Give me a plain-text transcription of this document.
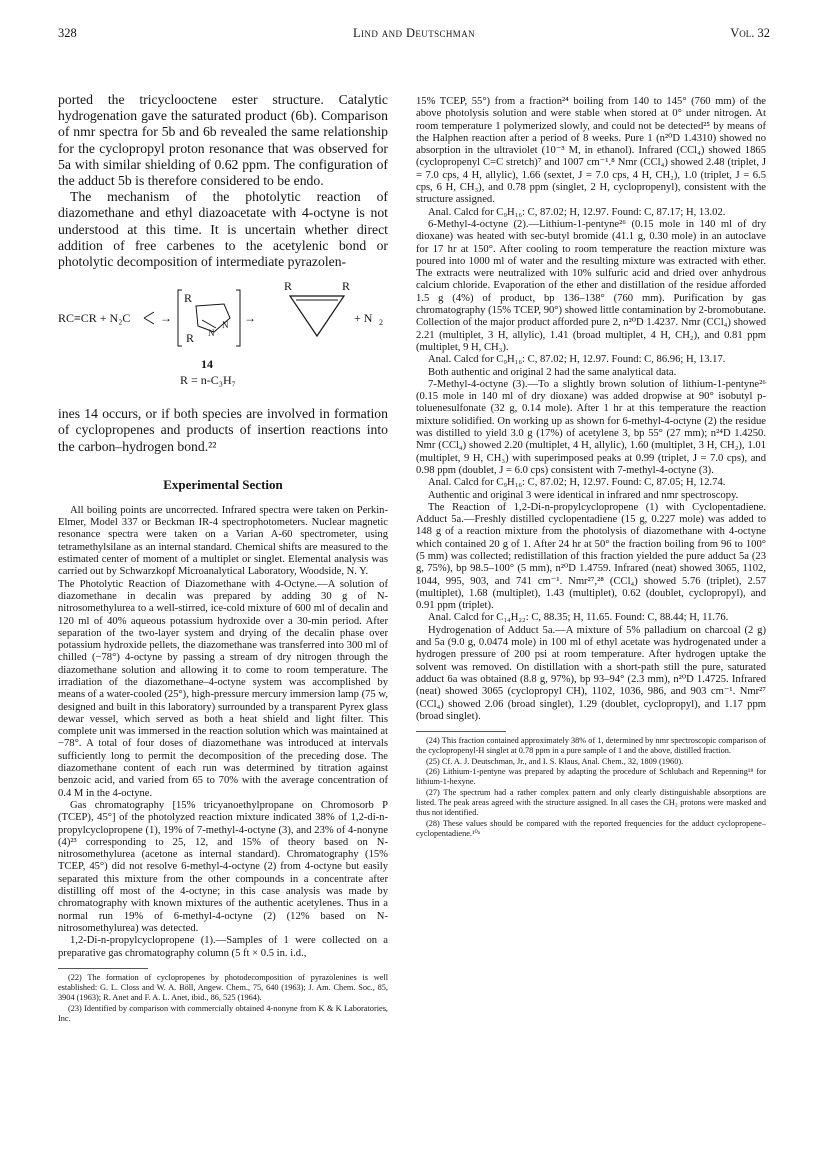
328	Lind and Deutschman	Vol. 32

ported the tricyclooctene ester structure. Catalytic hydrogenation gave the saturated product (6b). Comparison of nmr spectra for 5b and 6b revealed the same relationship for the cyclopropyl proton resonance that was observed for 5a with similar shielding of 0.62 ppm. The configuration of the adduct 5b is therefore considered to be endo.

The mechanism of the photolytic reaction of diazomethane and ethyl diazoacetate with 4-octyne is not understood at this time. It is uncertain whether direct addition of free carbenes to the acetylenic bond or photolytic decomposition of intermediate pyrazolen-

RC≡CR + N₂C →
R
R N
N →
R	R
+ N 2
14
R = n-C₃H₇

ines 14 occurs, or if both species are involved in formation of cyclopropenes and products of insertion reactions into the carbon–hydrogen bond.²²

Experimental Section

All boiling points are uncorrected. Infrared spectra were taken on Perkin-Elmer, Model 337 or Beckman IR-4 spectrophotometers. Nuclear magnetic resonance spectra were taken on a Varian A-60 spectrometer, using tetramethylsilane as an internal standard. Chemical shifts are measured to the estimated center of moment of a multiplet or singlet. Elemental analysis was carried out by Schwarzkopf Microanalytical Laboratory, Woodside, N. Y.

The Photolytic Reaction of Diazomethane with 4-Octyne.—A solution of diazomethane in decalin was prepared by adding 30 g of N-nitrosomethylurea to a well-stirred, ice-cold mixture of 600 ml of decalin and 120 ml of 40% aqueous potassium hydroxide over a 30-min period. After separation of the two-layer system and drying of the decalin phase over potassium hydroxide pellets, the diazomethane was transferred into 300 ml of chilled (−78°) 4-octyne by passing a stream of dry nitrogen through the diazomethane solution and allowing it to come to room temperature. The irradiation of the diazomethane–4-octyne system was accomplished by means of a water-cooled (25°), high-pressure mercury immersion lamp (75 w, designed and built in this laboratory) surrounded by a transparent Pyrex glass dewar vessel, which served as both a heat shield and light filter. This complete unit was immersed in the reaction solution which was maintained at −78°. A total of four doses of diazomethane was introduced at intervals sufficiently long to permit the decomposition of the preceding dose. The diazomethane content of each run was determined by titration against benzoic acid, and varied from 65 to 70% with the average concentration of 0.4 M in the 4-octyne.

Gas chromatography [15% tricyanoethylpropane on Chromosorb P (TCEP), 45°] of the photolyzed reaction mixture indicated 38% of 1,2-di-n-propylcyclopropene (1), 19% of 7-methyl-4-octyne (3), and 23% of 4-nonyne (4)²³ corresponding to 25, 12, and 15% of theory based on N-nitrosomethylurea (acetone as internal standard). Chromatography (15% TCEP, 45°) did not resolve 6-methyl-4-octyne (2) from 4-octyne but easily separated this mixture from the other compounds in a concentrate after distilling off most of the 4-octyne; in this case analysis was made by chromatography with known mixtures of the authentic acetylenes. Thus in a normal run 19% of 6-methyl-4-octyne (2) (12% based on N-nitrosomethylurea) was detected.

1,2-Di-n-propylcyclopropene (1).—Samples of 1 were collected on a preparative gas chromatography column (5 ft × 0.5 in. i.d.,

(22) The formation of cyclopropenes by photodecomposition of pyrazolenines is well established: G. L. Closs and W. A. Böll, Angew. Chem., 75, 640 (1963); J. Am. Chem. Soc., 85, 3904 (1963); R. Anet and F. A. L. Anet, ibid., 86, 525 (1964).

(23) Identified by comparison with commercially obtained 4-nonyne from K & K Laboratories, Inc.

15% TCEP, 55°) from a fraction²⁴ boiling from 140 to 145° (760 mm) of the above photolysis solution and were stable when stored at 0° under nitrogen. At room temperature 1 polymerized slowly, and could not be detected²⁵ by means of the Halphen reaction after a period of 8 weeks. Pure 1 (n²⁰D 1.4310) showed no absorption in the ultraviolet (10⁻³ M, in ethanol). Infrared (CCl₄) showed 1865 (cyclopropenyl C=C stretch)⁷ and 1007 cm⁻¹.⁸ Nmr (CCl₄) showed 2.48 (triplet, J = 7.0 cps, 4 H, allylic), 1.66 (sextet, J = 7.0 cps, 4 H, CH₂), 1.0 (triplet, J = 6.5 cps, 6 H, CH₃), and 0.78 ppm (singlet, 2 H, cyclopropenyl), consistent with the structure assigned.

Anal. Calcd for C₉H₁₆: C, 87.02; H, 12.97. Found: C, 87.17; H, 13.02.

6-Methyl-4-octyne (2).—Lithium-1-pentyne²⁶ (0.15 mole in 140 ml of dry dioxane) was heated with sec-butyl bromide (41.1 g, 0.30 mole) in an autoclave for 17 hr at 150°. After cooling to room temperature the reaction mixture was poured into 1000 ml of water and the resulting mixture was extracted with ether. The extracts were neutralized with 10% sulfuric acid and dried over anhydrous calcium chloride. Evaporation of the ether and distillation of the residue afforded 1.5 g (4%) of product, bp 136–138° (760 mm). Purification by gas chromatography (15% TCEP, 90°) showed little contamination by 2-bromobutane. Collection of the major product afforded pure 2, n²⁰D 1.4237. Nmr (CCl₄) showed 2.21 (multiplet, 3 H, allylic), 1.41 (broad multiplet, 4 H, CH₂), and 0.81 ppm (multiplet, 9 H, CH₃).

Anal. Calcd for C₉H₁₆: C, 87.02; H, 12.97. Found: C, 86.96; H, 13.17.

Both authentic and original 2 had the same analytical data.

7-Methyl-4-octyne (3).—To a slightly brown solution of lithium-1-pentyne²⁶ (0.15 mole in 140 ml of dry dioxane) was added dropwise at 90° isobutyl p-toluenesulfonate (32 g, 0.14 mole). After 1 hr at this temperature the reaction mixture solidified. On working up as shown for 6-methyl-4-octyne (2) the residue was distilled to yield 3.0 g (17%) of acetylene 3, bp 55° (27 mm); n²⁴D 1.4250. Nmr (CCl₄) showed 2.20 (multiplet, 4 H, allylic), 1.60 (multiplet, 3 H, CH₂), 1.01 (multiplet, 9 H, CH₃) with superimposed peaks at 0.99 (triplet, J = 7.0 cps), and 0.98 ppm (doublet, J = 6.0 cps) consistent with 7-methyl-4-octyne (3).

Anal. Calcd for C₉H₁₆: C, 87.02; H, 12.97. Found: C, 87.05; H, 12.74.

Authentic and original 3 were identical in infrared and nmr spectroscopy.

The Reaction of 1,2-Di-n-propylcyclopropene (1) with Cyclopentadiene. Adduct 5a.—Freshly distilled cyclopentadiene (15 g, 0.227 mole) was added to 148 g of a reaction mixture from the photolysis of diazomethane with 4-octyne which contained 20 g of 1. After 24 hr at 50° the fraction boiling from 96 to 100° (5 mm) was collected; redistillation of this fraction yielded the pure adduct 5a (23 g, 75%), bp 98.5–100° (5 mm), n²⁰D 1.4759. Infrared (neat) showed 3065, 1102, 1044, 995, 903, and 741 cm⁻¹. Nmr²⁷,²⁸ (CCl₄) showed 5.76 (triplet), 2.57 (multiplet), 1.68 (multiplet), 1.43 (multiplet), 0.62 (doublet, cyclopropyl), and 0.91 ppm (triplet).

Anal. Calcd for C₁₄H₂₂: C, 88.35; H, 11.65. Found: C, 88.44; H, 11.76.

Hydrogenation of Adduct 5a.—A mixture of 5% palladium on charcoal (2 g) and 5a (9.0 g, 0.0474 mole) in 100 ml of ethyl acetate was hydrogenated under a hydrogen pressure of 200 psi at room temperature. After hydrogen uptake the solvent was removed. On distillation with a short-path still the pure, saturated adduct 6a was obtained (8.8 g, 97%), bp 93–94° (2.3 mm), n²⁰D 1.4725. Infrared (neat) showed 3065 (cyclopropyl CH), 1102, 1036, 986, and 903 cm⁻¹. Nmr²⁷ (CCl₄) showed 2.06 (broad singlet), 1.29 (doublet, cyclopropyl), and 1.17 ppm (broad singlet).

(24) This fraction contained approximately 38% of 1, determined by nmr spectroscopic comparison of the cyclopropenyl-H singlet at 0.78 ppm in a pure sample of 1 and the above, distilled fraction.

(25) Cf. A. J. Deutschman, Jr., and I. S. Klaus, Anal. Chem., 32, 1809 (1960).

(26) Lithium-1-pentyne was prepared by adapting the procedure of Schlubach and Repenning¹⁸ for lithium-1-hexyne.

(27) The spectrum had a rather complex pattern and only clearly distinguishable absorptions are listed. The peak areas agreed with the structure assigned. In all cases the CH₂ protons were masked and thus not identified.

(28) These values should be compared with the reported frequencies for the adduct cyclopropene–cyclopentadiene.¹⁰ᵃ
